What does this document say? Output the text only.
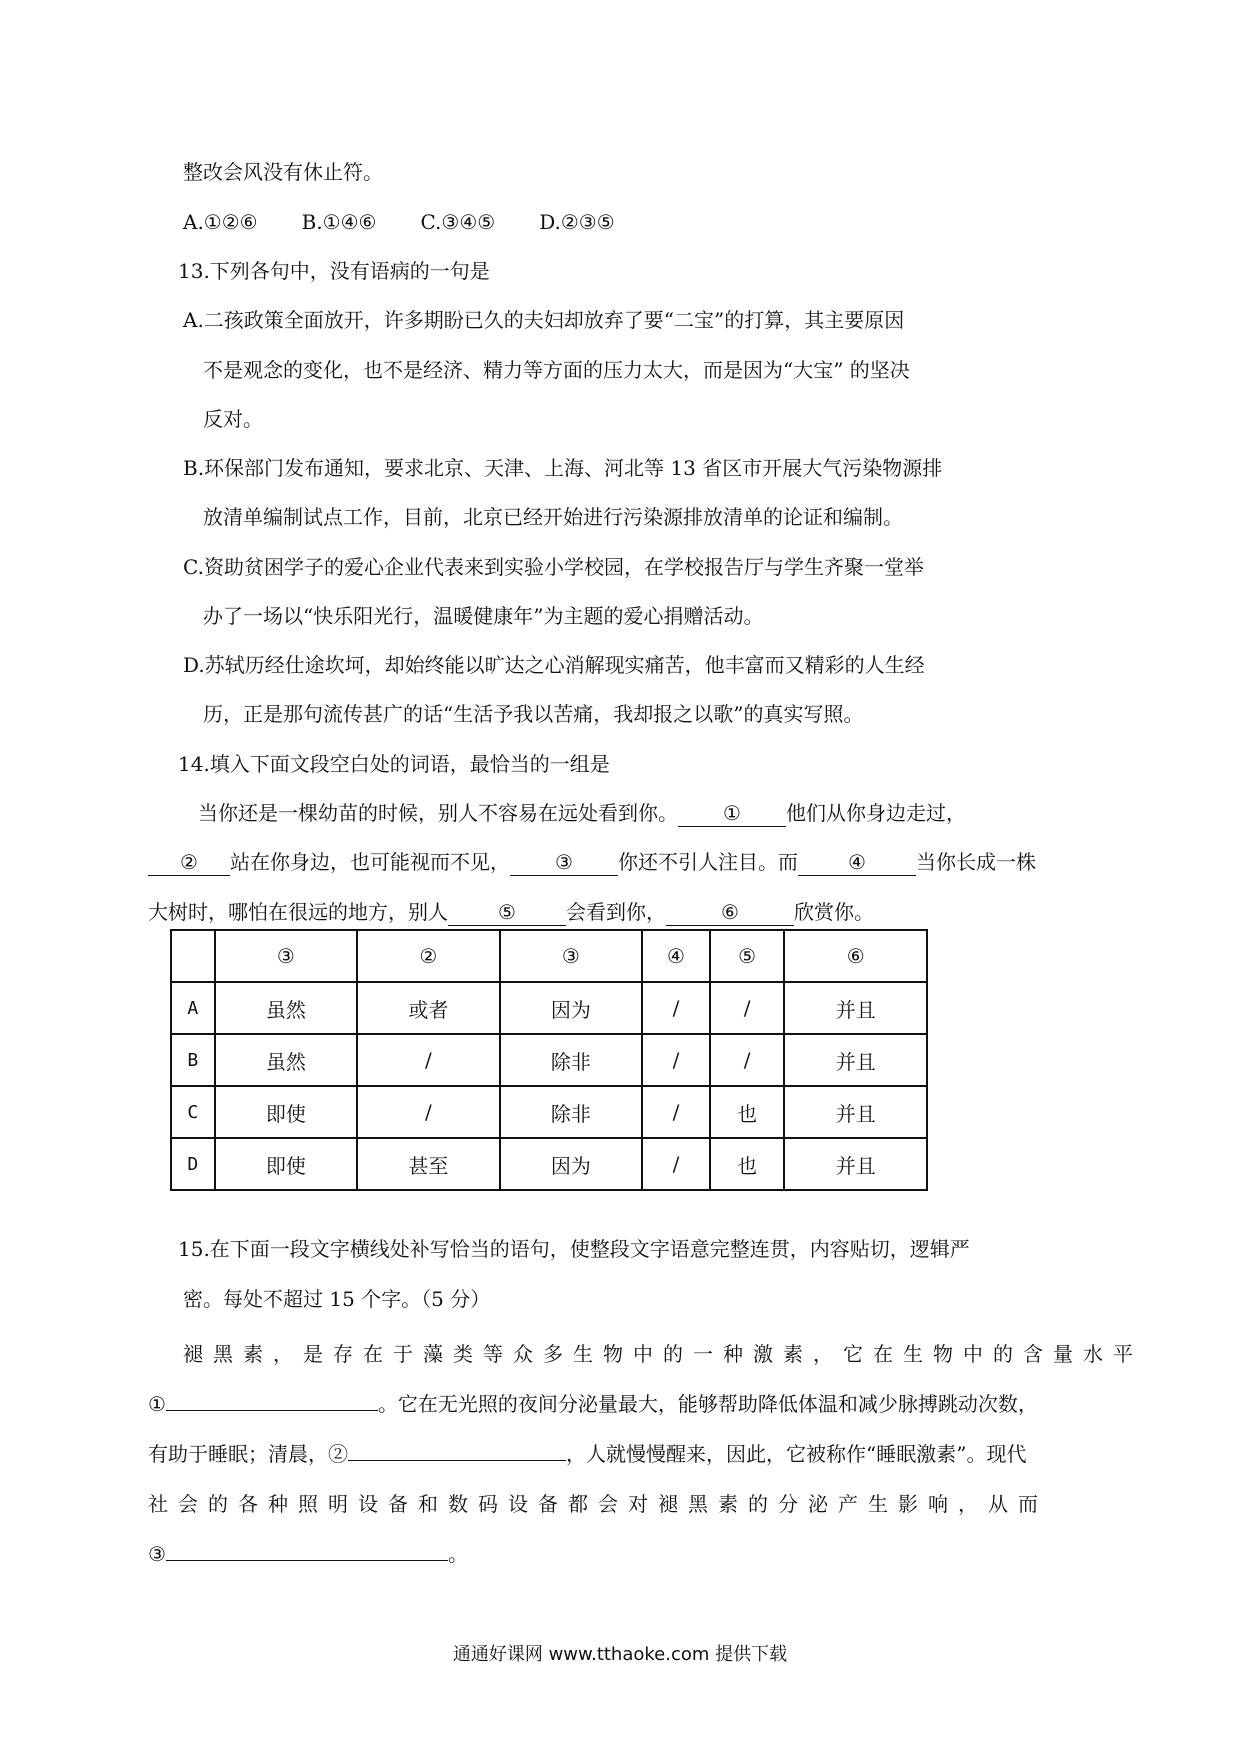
整改会风没有休止符。
A.①②⑥ B.①④⑥ C.③④⑤ D.②③⑤
13.下列各句中，没有语病的一句是
A.二孩政策全面放开，许多期盼已久的夫妇却放弃了要“二宝”的打算，其主要原因
不是观念的变化，也不是经济、精力等方面的压力太大，而是因为“大宝” 的坚决
反对。
B.环保部门发布通知，要求北京、天津、上海、河北等 13 省区市开展大气污染物源排
放清单编制试点工作，目前，北京已经开始进行污染源排放清单的论证和编制。
C.资助贫困学子的爱心企业代表来到实验小学校园，在学校报告厅与学生齐聚一堂举
办了一场以“快乐阳光行，温暖健康年”为主题的爱心捐赠活动。
D.苏轼历经仕途坎坷，却始终能以旷达之心消解现实痛苦，他丰富而又精彩的人生经
历，正是那句流传甚广的话“生活予我以苦痛，我却报之以歌”的真实写照。
14.填入下面文段空白处的词语，最恰当的一组是
当你还是一棵幼苗的时候，别人不容易在远处看到你。 ① 他们从你身边走过，
② 站在你身边，也可能视而不见， ③ 你还不引人注目。而	④	当你长成一株
大树时，哪怕在很远的地方，别人	⑤	会看到你，	⑥	欣赏你。
	③	②	③	④	⑤	⑥
A	虽然	或者	因为	/	/	并且
B	虽然	/	除非	/	/	并且
C	即使	/	除非	/	也	并且
D	即使	甚至	因为	/	也	并且
15.在下面一段文字横线处补写恰当的语句，使整段文字语意完整连贯，内容贴切，逻辑严
密。每处不超过 15 个字。（5 分）
褪黑素，是存在于藻类等众多生物中的一种激素，它在生物中的含量水平
①	。它在无光照的夜间分泌量最大，能够帮助降低体温和减少脉搏跳动次数，
有助于睡眠；清晨，②	，人就慢慢醒来，因此，它被称作“睡眠激素”。现代
社会的各种照明设备和数码设备都会对褪黑素的分泌产生影响，从而
③	。
通通好课网 www.tthaoke.com 提供下载
